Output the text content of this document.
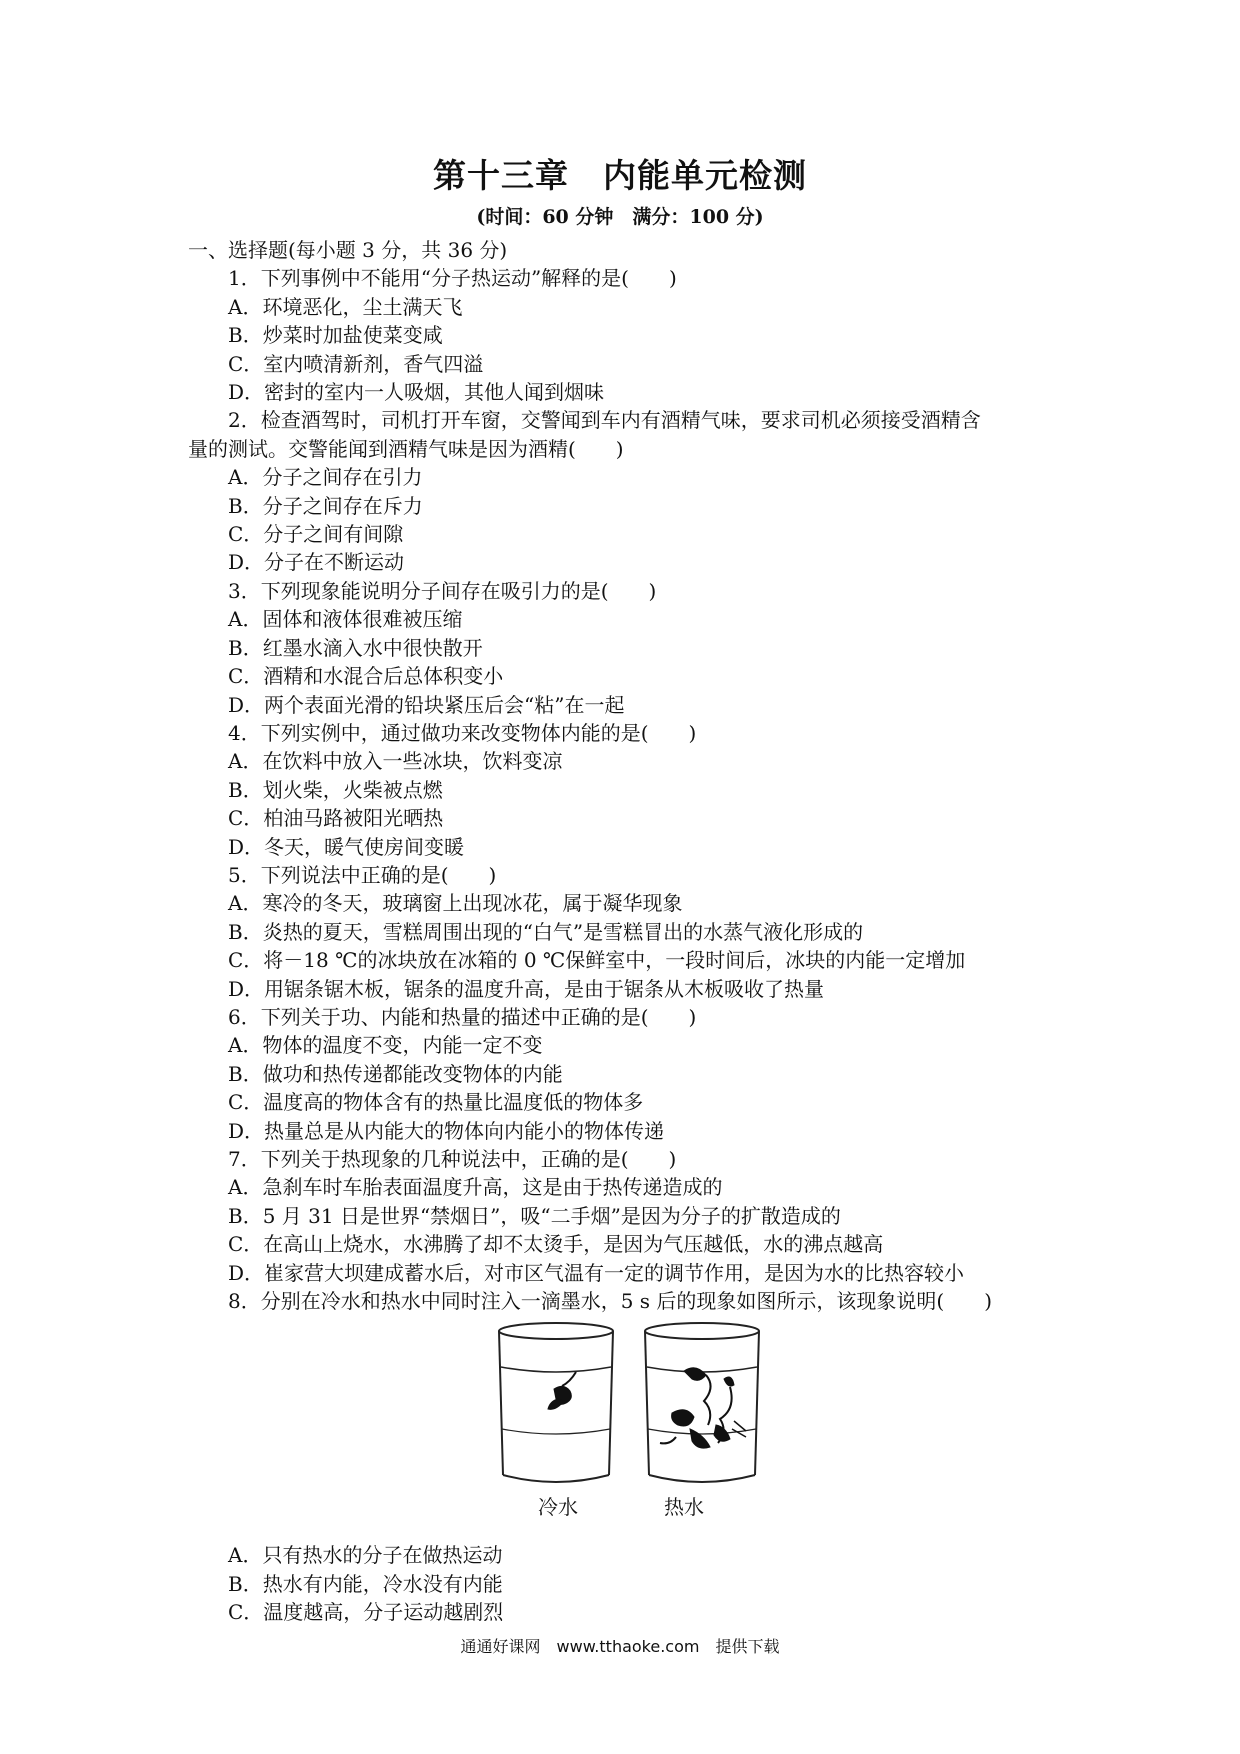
第十三章　内能单元检测
(时间：60 分钟　满分：100 分)
一、选择题(每小题 3 分，共 36 分)
1．下列事例中不能用“分子热运动”解释的是(　　)
A．环境恶化，尘土满天飞
B．炒菜时加盐使菜变咸
C．室内喷清新剂，香气四溢
D．密封的室内一人吸烟，其他人闻到烟味
2．检查酒驾时，司机打开车窗，交警闻到车内有酒精气味，要求司机必须接受酒精含
量的测试。交警能闻到酒精气味是因为酒精(　　)
A．分子之间存在引力
B．分子之间存在斥力
C．分子之间有间隙
D．分子在不断运动
3．下列现象能说明分子间存在吸引力的是(　　)
A．固体和液体很难被压缩
B．红墨水滴入水中很快散开
C．酒精和水混合后总体积变小
D．两个表面光滑的铅块紧压后会“粘”在一起
4．下列实例中，通过做功来改变物体内能的是(　　)
A．在饮料中放入一些冰块，饮料变凉
B．划火柴，火柴被点燃
C．柏油马路被阳光晒热
D．冬天，暖气使房间变暖
5．下列说法中正确的是(　　)
A．寒冷的冬天，玻璃窗上出现冰花，属于凝华现象
B．炎热的夏天，雪糕周围出现的“白气”是雪糕冒出的水蒸气液化形成的
C．将－18 ℃的冰块放在冰箱的 0 ℃保鲜室中，一段时间后，冰块的内能一定增加
D．用锯条锯木板，锯条的温度升高，是由于锯条从木板吸收了热量
6．下列关于功、内能和热量的描述中正确的是(　　)
A．物体的温度不变，内能一定不变
B．做功和热传递都能改变物体的内能
C．温度高的物体含有的热量比温度低的物体多
D．热量总是从内能大的物体向内能小的物体传递
7．下列关于热现象的几种说法中，正确的是(　　)
A．急刹车时车胎表面温度升高，这是由于热传递造成的
B．5 月 31 日是世界“禁烟日”，吸“二手烟”是因为分子的扩散造成的
C．在高山上烧水，水沸腾了却不太烫手，是因为气压越低，水的沸点越高
D．崔家营大坝建成蓄水后，对市区气温有一定的调节作用，是因为水的比热容较小
8．分别在冷水和热水中同时注入一滴墨水，5 s 后的现象如图所示，该现象说明(　　)
冷水	热水
A．只有热水的分子在做热运动
B．热水有内能，冷水没有内能
C．温度越高，分子运动越剧烈
通通好课网　www.tthaoke.com　提供下载
